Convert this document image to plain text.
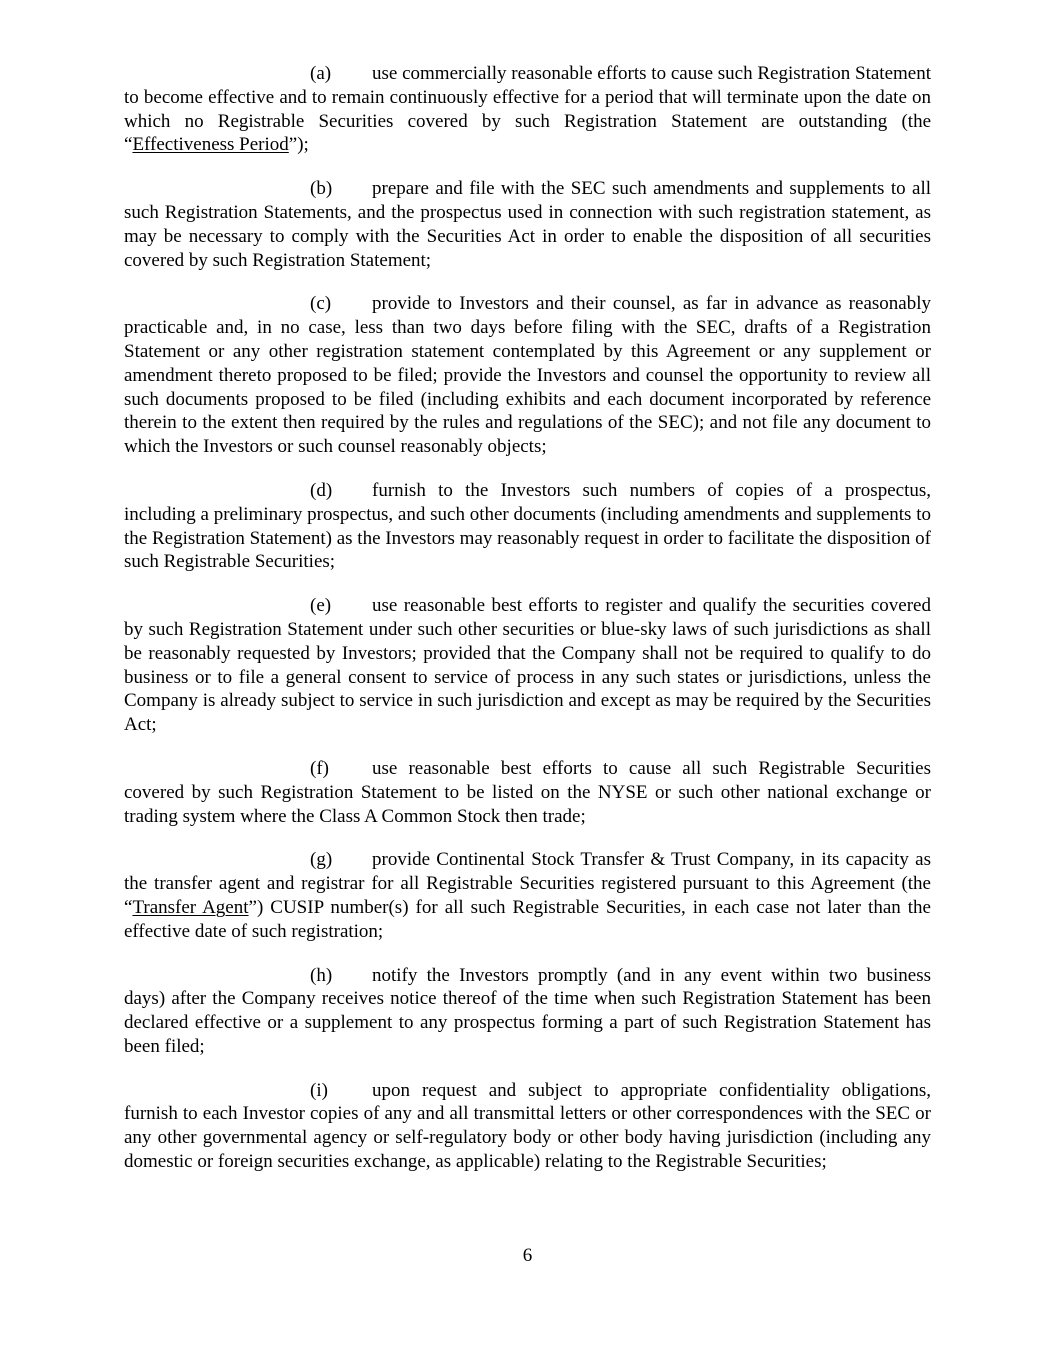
(a) use commercially reasonable efforts to cause such Registration Statement to become effective and to remain continuously effective for a period that will terminate upon the date on which no Registrable Securities covered by such Registration Statement are outstanding (the “Effectiveness Period”);

(b) prepare and file with the SEC such amendments and supplements to all such Registration Statements, and the prospectus used in connection with such registration statement, as may be necessary to comply with the Securities Act in order to enable the disposition of all securities covered by such Registration Statement;

(c) provide to Investors and their counsel, as far in advance as reasonably practicable and, in no case, less than two days before filing with the SEC, drafts of a Registration Statement or any other registration statement contemplated by this Agreement or any supplement or amendment thereto proposed to be filed; provide the Investors and counsel the opportunity to review all such documents proposed to be filed (including exhibits and each document incorporated by reference therein to the extent then required by the rules and regulations of the SEC); and not file any document to which the Investors or such counsel reasonably objects;

(d) furnish to the Investors such numbers of copies of a prospectus, including a preliminary prospectus, and such other documents (including amendments and supplements to the Registration Statement) as the Investors may reasonably request in order to facilitate the disposition of such Registrable Securities;

(e) use reasonable best efforts to register and qualify the securities covered by such Registration Statement under such other securities or blue-sky laws of such jurisdictions as shall be reasonably requested by Investors; provided that the Company shall not be required to qualify to do business or to file a general consent to service of process in any such states or jurisdictions, unless the Company is already subject to service in such jurisdiction and except as may be required by the Securities Act;

(f) use reasonable best efforts to cause all such Registrable Securities covered by such Registration Statement to be listed on the NYSE or such other national exchange or trading system where the Class A Common Stock then trade;

(g) provide Continental Stock Transfer & Trust Company, in its capacity as the transfer agent and registrar for all Registrable Securities registered pursuant to this Agreement (the “Transfer Agent”) CUSIP number(s) for all such Registrable Securities, in each case not later than the effective date of such registration;

(h) notify the Investors promptly (and in any event within two business days) after the Company receives notice thereof of the time when such Registration Statement has been declared effective or a supplement to any prospectus forming a part of such Registration Statement has been filed;

(i) upon request and subject to appropriate confidentiality obligations, furnish to each Investor copies of any and all transmittal letters or other correspondences with the SEC or any other governmental agency or self-regulatory body or other body having jurisdiction (including any domestic or foreign securities exchange, as applicable) relating to the Registrable Securities;

6
